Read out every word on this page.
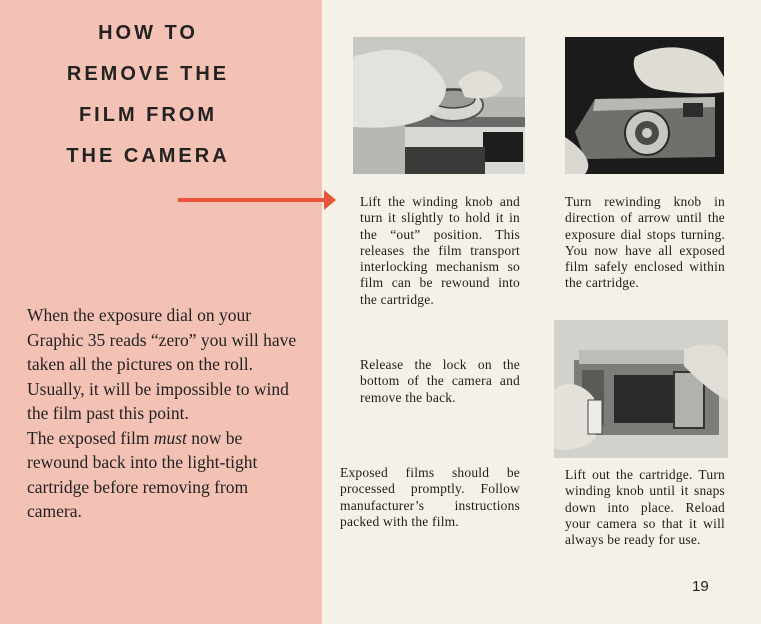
HOW TO
REMOVE THE
FILM FROM
THE CAMERA

When the exposure dial on your Graphic 35 reads “zero” you will have taken all the pictures on the roll. Usually, it will be impossible to wind the film past this point.

The exposed film must now be rewound back into the light-tight cartridge before removing from camera.

Lift the winding knob and turn it slightly to hold it in the “out” position. This releases the film transport interlocking mechanism so film can be rewound into the cartridge.
Turn rewinding knob in direction of arrow until the exposure dial stops turning. You now have all exposed film safely enclosed within the cartridge.
Release the lock on the bottom of the camera and remove the back.
Exposed films should be processed promptly. Follow manufacturer’s instructions packed with the film.
Lift out the cartridge. Turn winding knob until it snaps down into place. Reload your camera so that it will always be ready for use.
19
